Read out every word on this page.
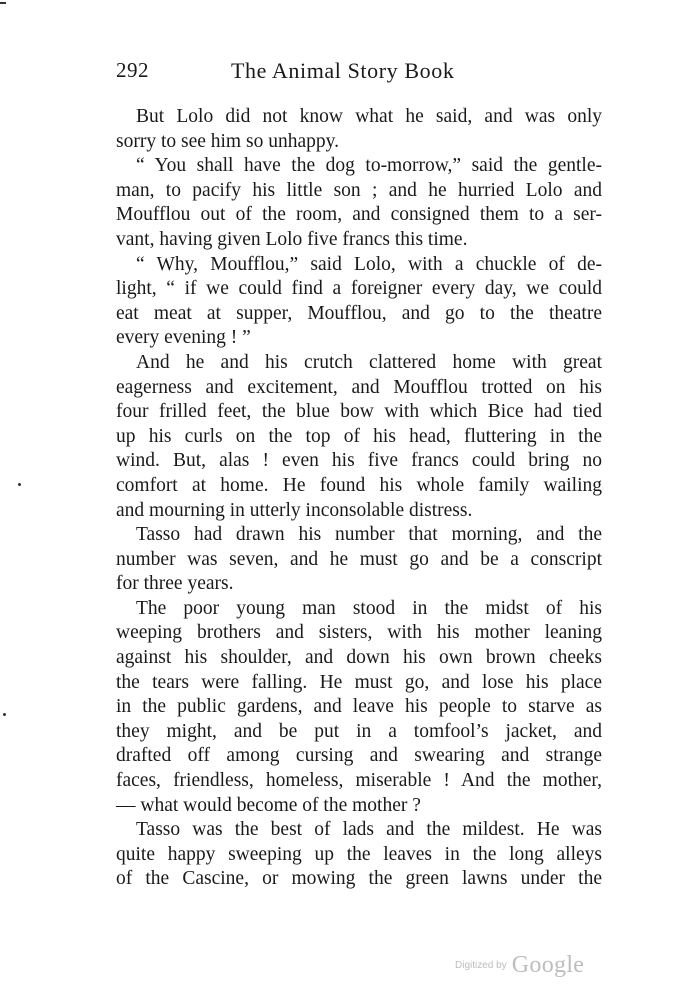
292	The Animal Story Book
But Lolo did not know what he said, and was only
sorry to see him so unhappy.
“ You shall have the dog to-morrow,” said the gentle-
man, to pacify his little son ; and he hurried Lolo and
Moufflou out of the room, and consigned them to a ser-
vant, having given Lolo five francs this time.
“ Why, Moufflou,” said Lolo, with a chuckle of de-
light, “ if we could find a foreigner every day, we could
eat meat at supper, Moufflou, and go to the theatre
every evening ! ”
And he and his crutch clattered home with great
eagerness and excitement, and Moufflou trotted on his
four frilled feet, the blue bow with which Bice had tied
up his curls on the top of his head, fluttering in the
wind. But, alas ! even his five francs could bring no
comfort at home. He found his whole family wailing
and mourning in utterly inconsolable distress.
Tasso had drawn his number that morning, and the
number was seven, and he must go and be a conscript
for three years.
The poor young man stood in the midst of his
weeping brothers and sisters, with his mother leaning
against his shoulder, and down his own brown cheeks
the tears were falling. He must go, and lose his place
in the public gardens, and leave his people to starve as
they might, and be put in a tomfool’s jacket, and
drafted off among cursing and swearing and strange
faces, friendless, homeless, miserable ! And the mother,
— what would become of the mother ?
Tasso was the best of lads and the mildest. He was
quite happy sweeping up the leaves in the long alleys
of the Cascine, or mowing the green lawns under the
Digitized by Google
